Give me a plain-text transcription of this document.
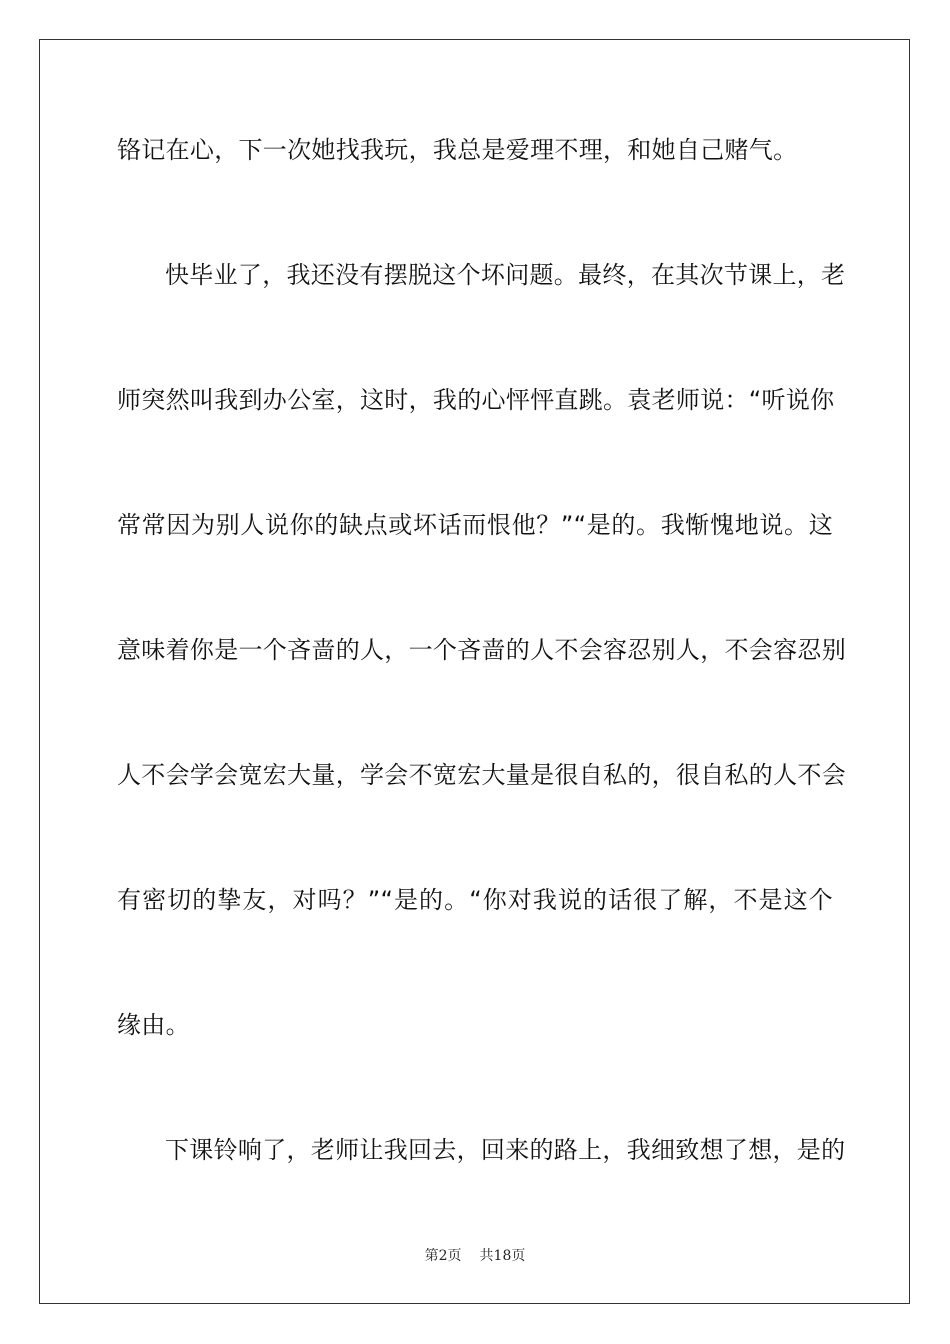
铬记在心，下一次她找我玩，我总是爱理不理，和她自己赌气。
快毕业了，我还没有摆脱这个坏问题。最终，在其次节课上，老
师突然叫我到办公室，这时，我的心怦怦直跳。袁老师说：“听说你
常常因为别人说你的缺点或坏话而恨他？”“是的。我惭愧地说。这
意味着你是一个吝啬的人，一个吝啬的人不会容忍别人，不会容忍别
人不会学会宽宏大量，学会不宽宏大量是很自私的，很自私的人不会
有密切的挚友，对吗？”“是的。“你对我说的话很了解，不是这个
缘由。
下课铃响了，老师让我回去，回来的路上，我细致想了想，是的
第2页 共18页
